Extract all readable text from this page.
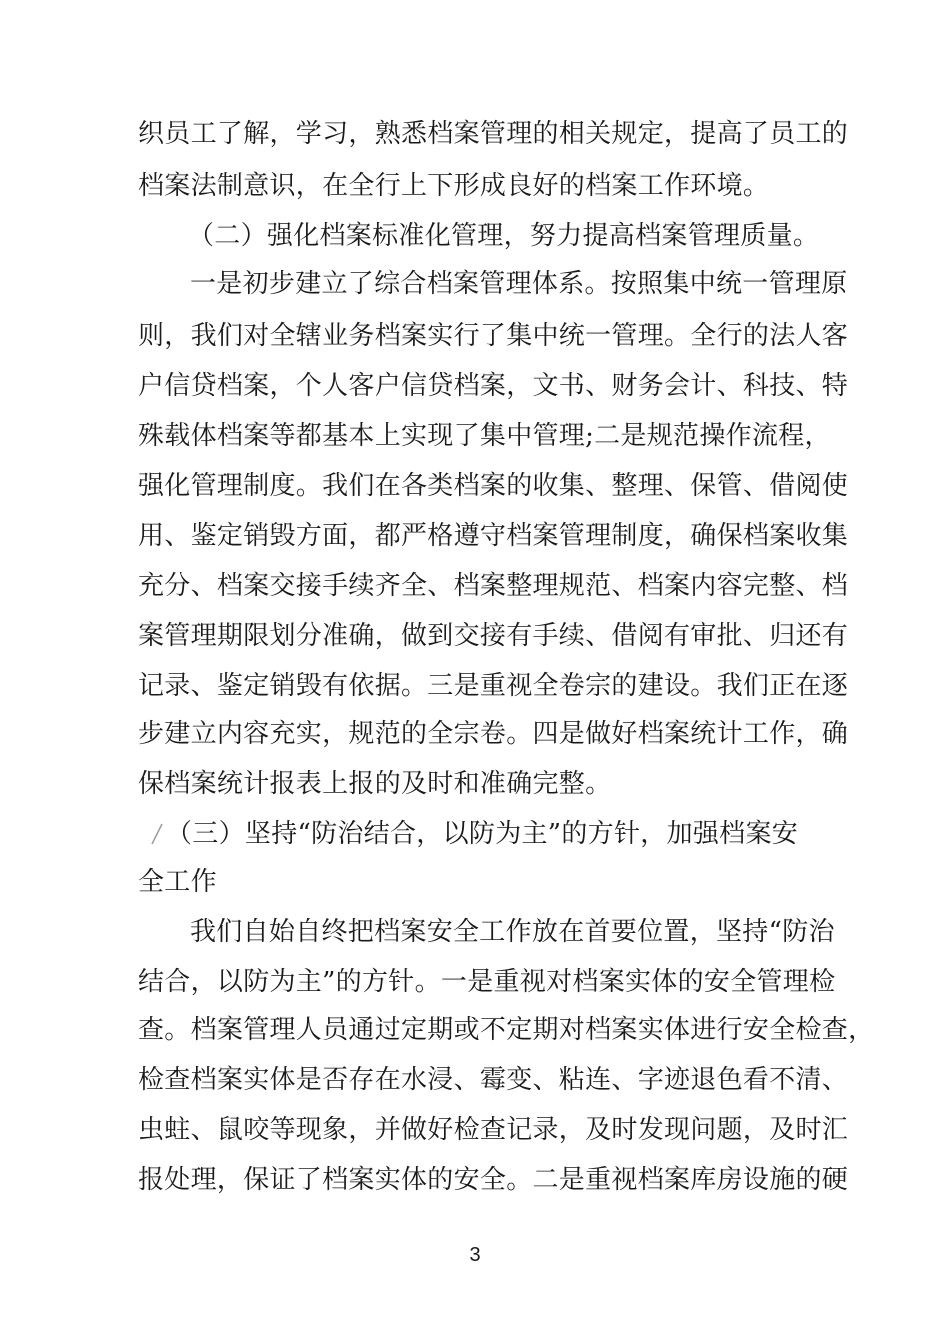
织员工了解，学习，熟悉档案管理的相关规定，提高了员工的
档案法制意识，在全行上下形成良好的档案工作环境。
（二）强化档案标准化管理，努力提高档案管理质量。
一是初步建立了综合档案管理体系。按照集中统一管理原
则，我们对全辖业务档案实行了集中统一管理。全行的法人客
户信贷档案，个人客户信贷档案，文书、财务会计、科技、特
殊载体档案等都基本上实现了集中管理;二是规范操作流程，
强化管理制度。我们在各类档案的收集、整理、保管、借阅使
用、鉴定销毁方面，都严格遵守档案管理制度，确保档案收集
充分、档案交接手续齐全、档案整理规范、档案内容完整、档
案管理期限划分准确，做到交接有手续、借阅有审批、归还有
记录、鉴定销毁有依据。三是重视全卷宗的建设。我们正在逐
步建立内容充实，规范的全宗卷。四是做好档案统计工作，确
保档案统计报表上报的及时和准确完整。
（三）坚持“防治结合，以防为主”的方针，加强档案安
全工作
我们自始自终把档案安全工作放在首要位置，坚持“防治
结合，以防为主”的方针。一是重视对档案实体的安全管理检
查。档案管理人员通过定期或不定期对档案实体进行安全检查，
检查档案实体是否存在水浸、霉变、粘连、字迹退色看不清、
虫蛀、鼠咬等现象，并做好检查记录，及时发现问题，及时汇
报处理，保证了档案实体的安全。二是重视档案库房设施的硬
3
